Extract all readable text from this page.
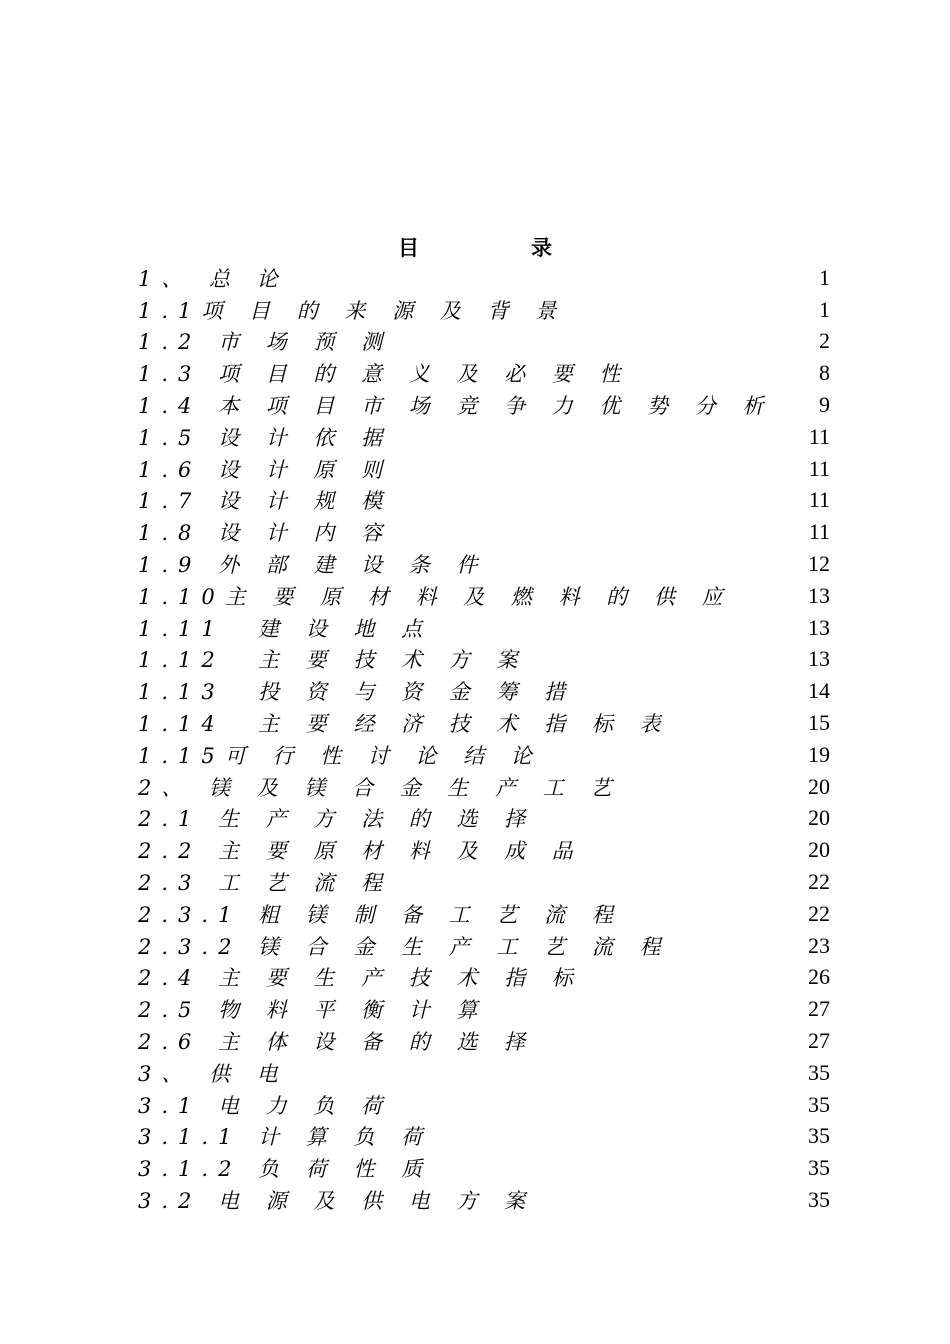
目	录
1、 总 论	1
1.1项 目 的 来 源 及 背 景	1
1.2 市 场 预 测	2
1.3 项 目 的 意 义 及 必 要 性	8
1.4 本 项 目 市 场 竞 争 力 优 势 分 析 9
1.5 设 计 依 据	11
1.6 设 计 原 则	11
1.7 设 计 规 模	11
1.8 设 计 内 容	11
1.9 外 部 建 设 条 件	12
1.10主 要 原 材 料 及 燃 料 的 供 应	13
1.11  建 设 地 点	13
1.12  主 要 技 术 方 案	13
1.13  投 资 与 资 金 筹 措	14
1.14  主 要 经 济 技 术 指 标 表	15
1.15可 行 性 讨 论 结 论	19
2、 镁 及 镁 合 金 生 产 工 艺	20
2.1 生 产 方 法 的 选 择	20
2.2 主 要 原 材 料 及 成 品	20
2.3 工 艺 流 程	22
2.3.1 粗 镁 制 备 工 艺 流 程	22
2.3.2 镁 合 金 生 产 工 艺 流 程	23
2.4 主 要 生 产 技 术 指 标	26
2.5 物 料 平 衡 计 算	27
2.6 主 体 设 备 的 选 择	27
3、 供 电	35
3.1 电 力 负 荷	35
3.1.1 计 算 负 荷	35
3.1.2 负 荷 性 质	35
3.2 电 源 及 供 电 方 案	35
